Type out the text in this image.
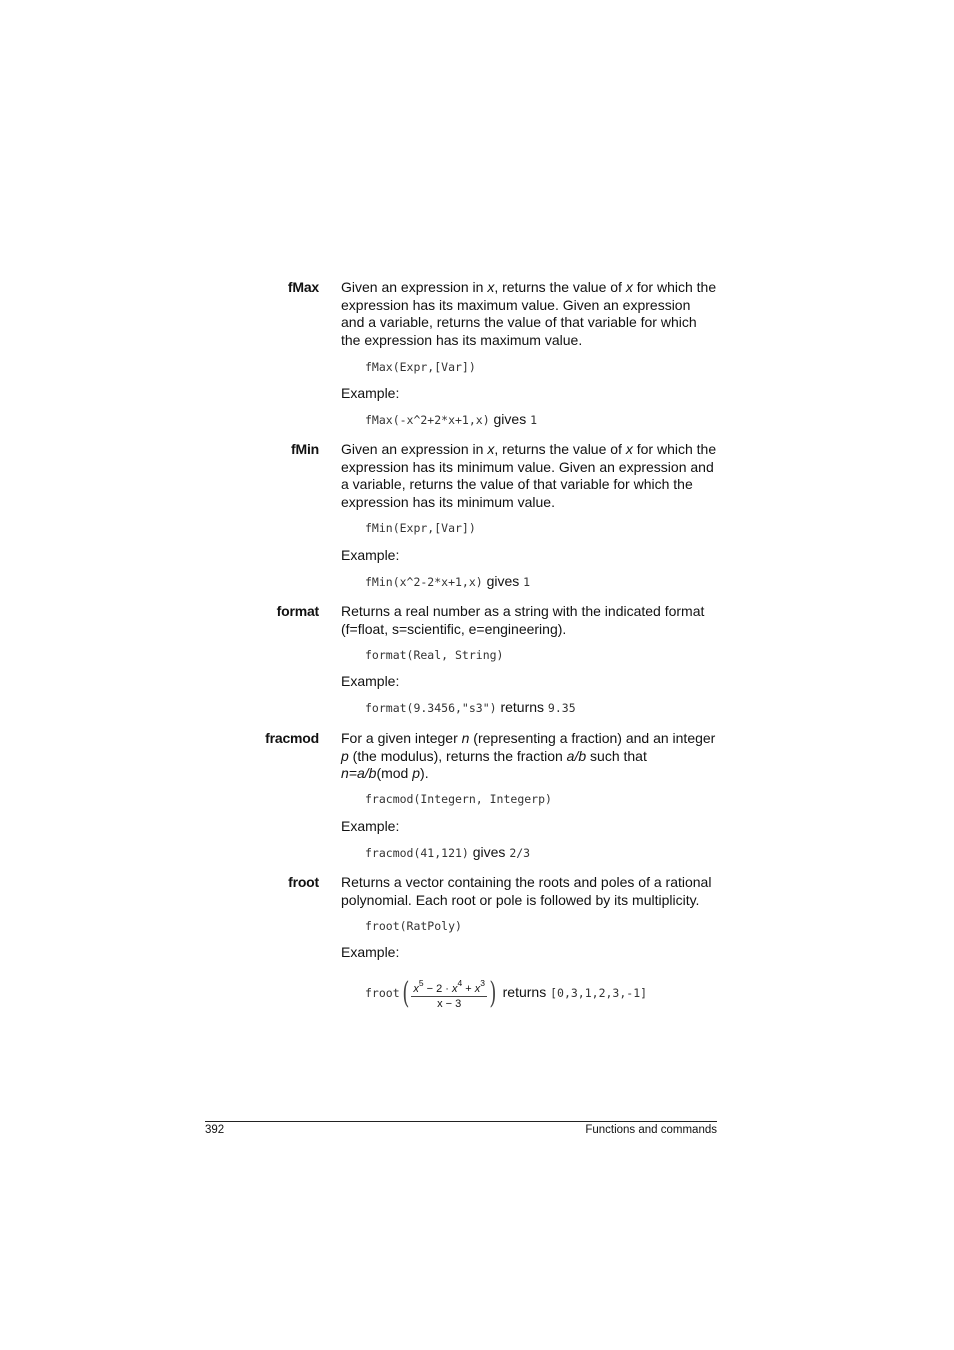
fMax Given an expression in x, returns the value of x for which the expression has its maximum value. Given an expression and a variable, returns the value of that variable for which the expression has its maximum value.
fMax(Expr,[Var])
Example:
fMax(-x^2+2*x+1,x) gives 1
fMin Given an expression in x, returns the value of x for which the expression has its minimum value. Given an expression and a variable, returns the value of that variable for which the expression has its minimum value.
fMin(Expr,[Var])
Example:
fMin(x^2-2*x+1,x) gives 1
format Returns a real number as a string with the indicated format (f=float, s=scientific, e=engineering).
format(Real, String)
Example:
format(9.3456,"s3") returns 9.35
fracmod For a given integer n (representing a fraction) and an integer p (the modulus), returns the fraction a/b such that n=a/b(mod p).
fracmod(Integern, Integerp)
Example:
fracmod(41,121) gives 2/3
froot Returns a vector containing the roots and poles of a rational polynomial. Each root or pole is followed by its multiplicity.
froot(RatPoly)
Example:
froot( $\frac{x^5 - 2 \cdot x^4 + x^3}{x - 3}$ ) returns [0,3,1,2,3,-1]
392	Functions and commands
